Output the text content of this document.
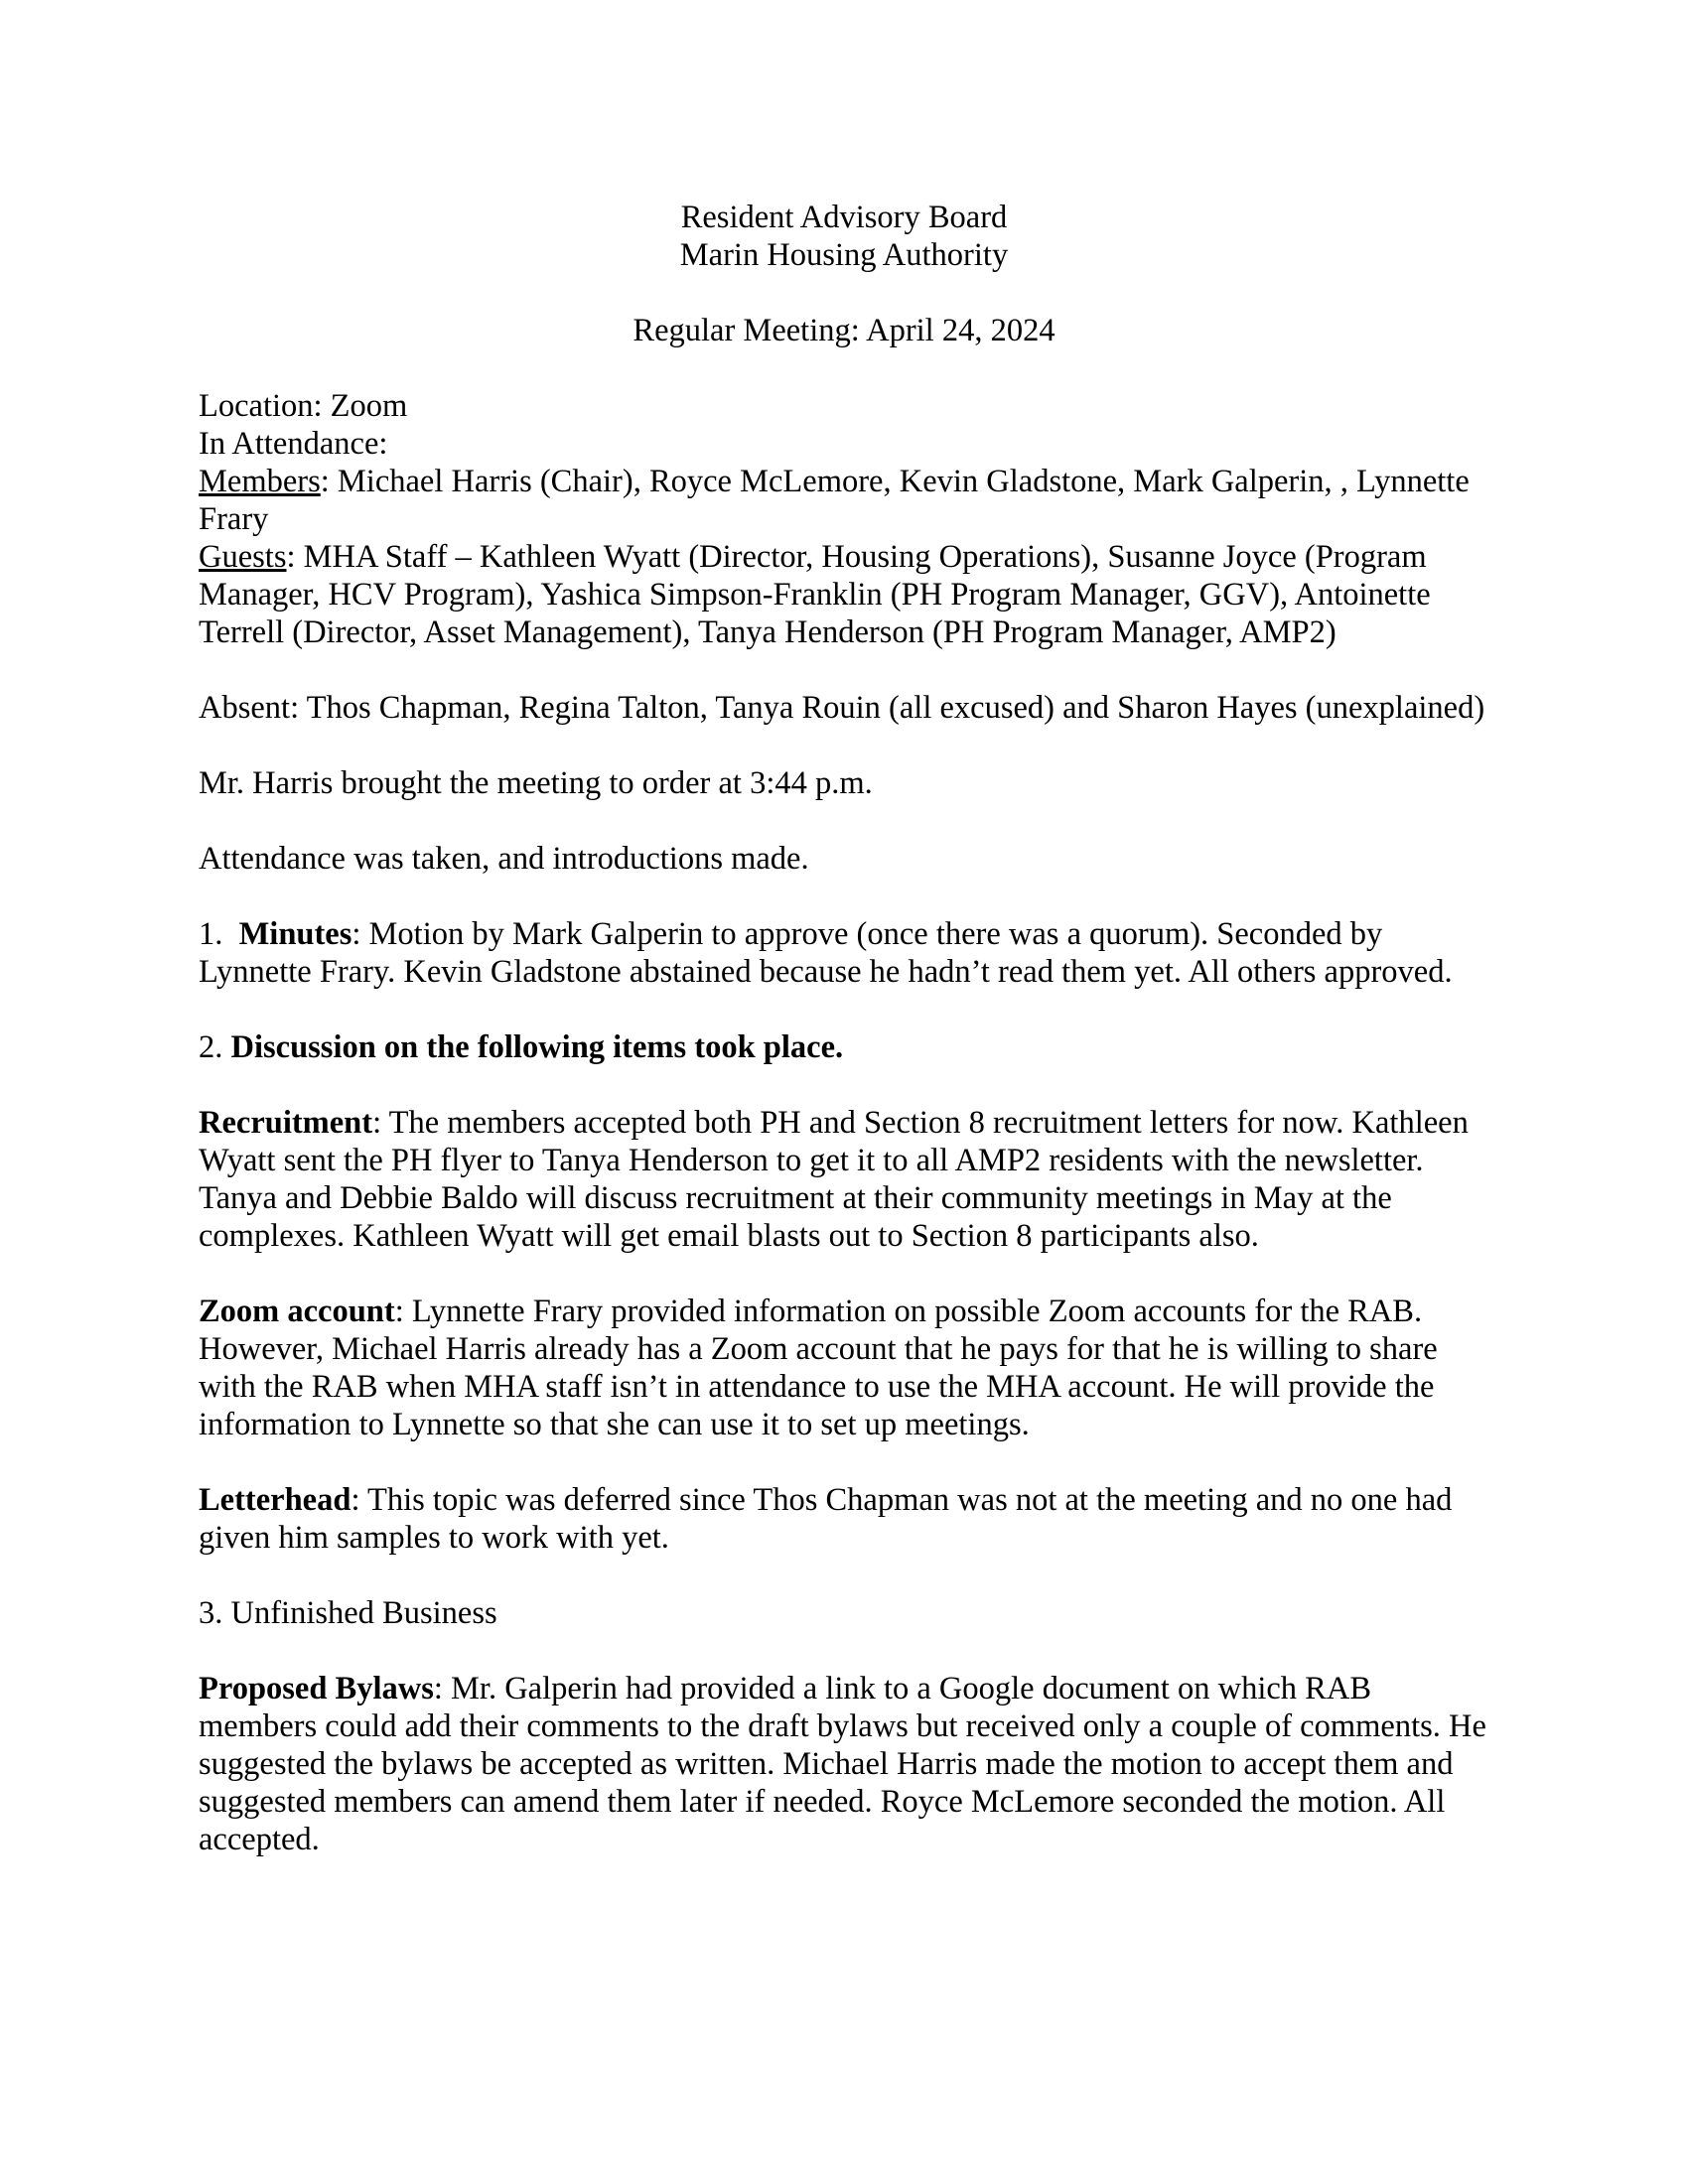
Resident Advisory Board

Marin Housing Authority

Regular Meeting: April 24, 2024

Location: Zoom

In Attendance:

Members: Michael Harris (Chair), Royce McLemore, Kevin Gladstone, Mark Galperin, , Lynnette Frary

Guests: MHA Staff – Kathleen Wyatt (Director, Housing Operations), Susanne Joyce (Program Manager, HCV Program), Yashica Simpson-Franklin (PH Program Manager, GGV), Antoinette Terrell (Director, Asset Management), Tanya Henderson (PH Program Manager, AMP2)

Absent: Thos Chapman, Regina Talton, Tanya Rouin (all excused) and Sharon Hayes (unexplained)

Mr. Harris brought the meeting to order at 3:44 p.m.

Attendance was taken, and introductions made.

1.  Minutes: Motion by Mark Galperin to approve (once there was a quorum). Seconded by Lynnette Frary. Kevin Gladstone abstained because he hadn’t read them yet. All others approved.

2. Discussion on the following items took place.

Recruitment: The members accepted both PH and Section 8 recruitment letters for now. Kathleen Wyatt sent the PH flyer to Tanya Henderson to get it to all AMP2 residents with the newsletter. Tanya and Debbie Baldo will discuss recruitment at their community meetings in May at the complexes. Kathleen Wyatt will get email blasts out to Section 8 participants also.

Zoom account: Lynnette Frary provided information on possible Zoom accounts for the RAB. However, Michael Harris already has a Zoom account that he pays for that he is willing to share with the RAB when MHA staff isn’t in attendance to use the MHA account. He will provide the information to Lynnette so that she can use it to set up meetings.

Letterhead: This topic was deferred since Thos Chapman was not at the meeting and no one had given him samples to work with yet.

3. Unfinished Business

Proposed Bylaws: Mr. Galperin had provided a link to a Google document on which RAB members could add their comments to the draft bylaws but received only a couple of comments. He suggested the bylaws be accepted as written. Michael Harris made the motion to accept them and suggested members can amend them later if needed. Royce McLemore seconded the motion. All accepted.
